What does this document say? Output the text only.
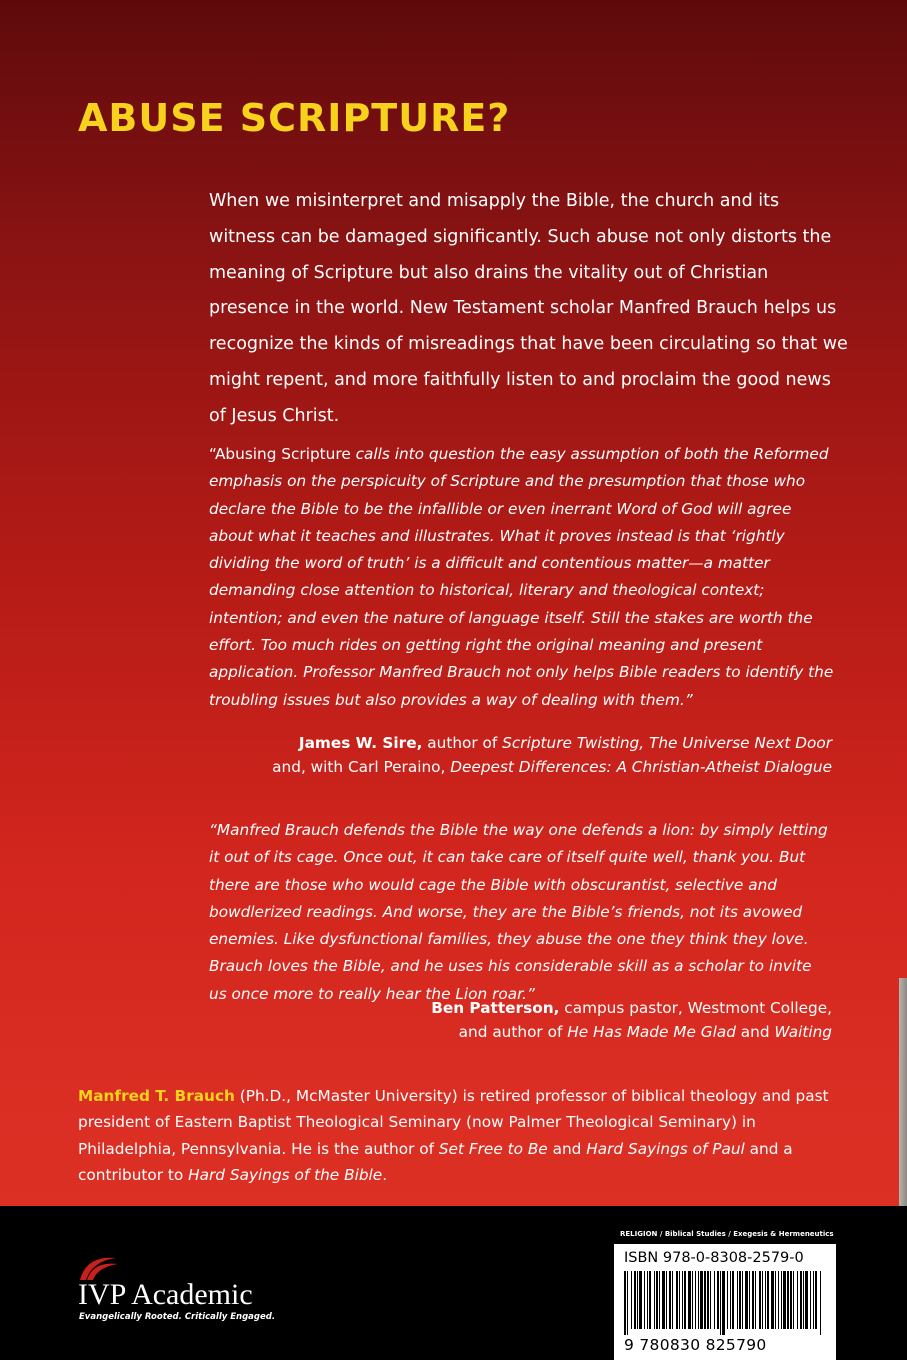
ABUSE SCRIPTURE?

When we misinterpret and misapply the Bible, the church and its witness can be damaged significantly. Such abuse not only distorts the meaning of Scripture but also drains the vitality out of Christian presence in the world. New Testament scholar Manfred Brauch helps us recognize the kinds of misreadings that have been circulating so that we might repent, and more faithfully listen to and proclaim the good news of Jesus Christ.

“Abusing Scripture calls into question the easy assumption of both the Reformed emphasis on the perspicuity of Scripture and the presumption that those who declare the Bible to be the infallible or even inerrant Word of God will agree about what it teaches and illustrates. What it proves instead is that ‘rightly dividing the word of truth’ is a difficult and contentious matter—a matter demanding close attention to historical, literary and theological context; intention; and even the nature of language itself. Still the stakes are worth the effort. Too much rides on getting right the original meaning and present application. Professor Manfred Brauch not only helps Bible readers to identify the troubling issues but also provides a way of dealing with them.”

James W. Sire, author of Scripture Twisting, The Universe Next Door
and, with Carl Peraino, Deepest Differences: A Christian-Atheist Dialogue

“Manfred Brauch defends the Bible the way one defends a lion: by simply letting it out of its cage. Once out, it can take care of itself quite well, thank you. But there are those who would cage the Bible with obscurantist, selective and bowdlerized readings. And worse, they are the Bible’s friends, not its avowed enemies. Like dysfunctional families, they abuse the one they think they love. Brauch loves the Bible, and he uses his considerable skill as a scholar to invite us once more to really hear the Lion roar.”

Ben Patterson, campus pastor, Westmont College,
and author of He Has Made Me Glad and Waiting

Manfred T. Brauch (Ph.D., McMaster University) is retired professor of biblical theology and past president of Eastern Baptist Theological Seminary (now Palmer Theological Seminary) in Philadelphia, Pennsylvania. He is the author of Set Free to Be and Hard Sayings of Paul and a contributor to Hard Sayings of the Bible.

IVP Academic
Evangelically Rooted. Critically Engaged.
RELIGION / Biblical Studies / Exegesis & Hermeneutics
ISBN 978-0-8308-2579-0
9 780830 825790
